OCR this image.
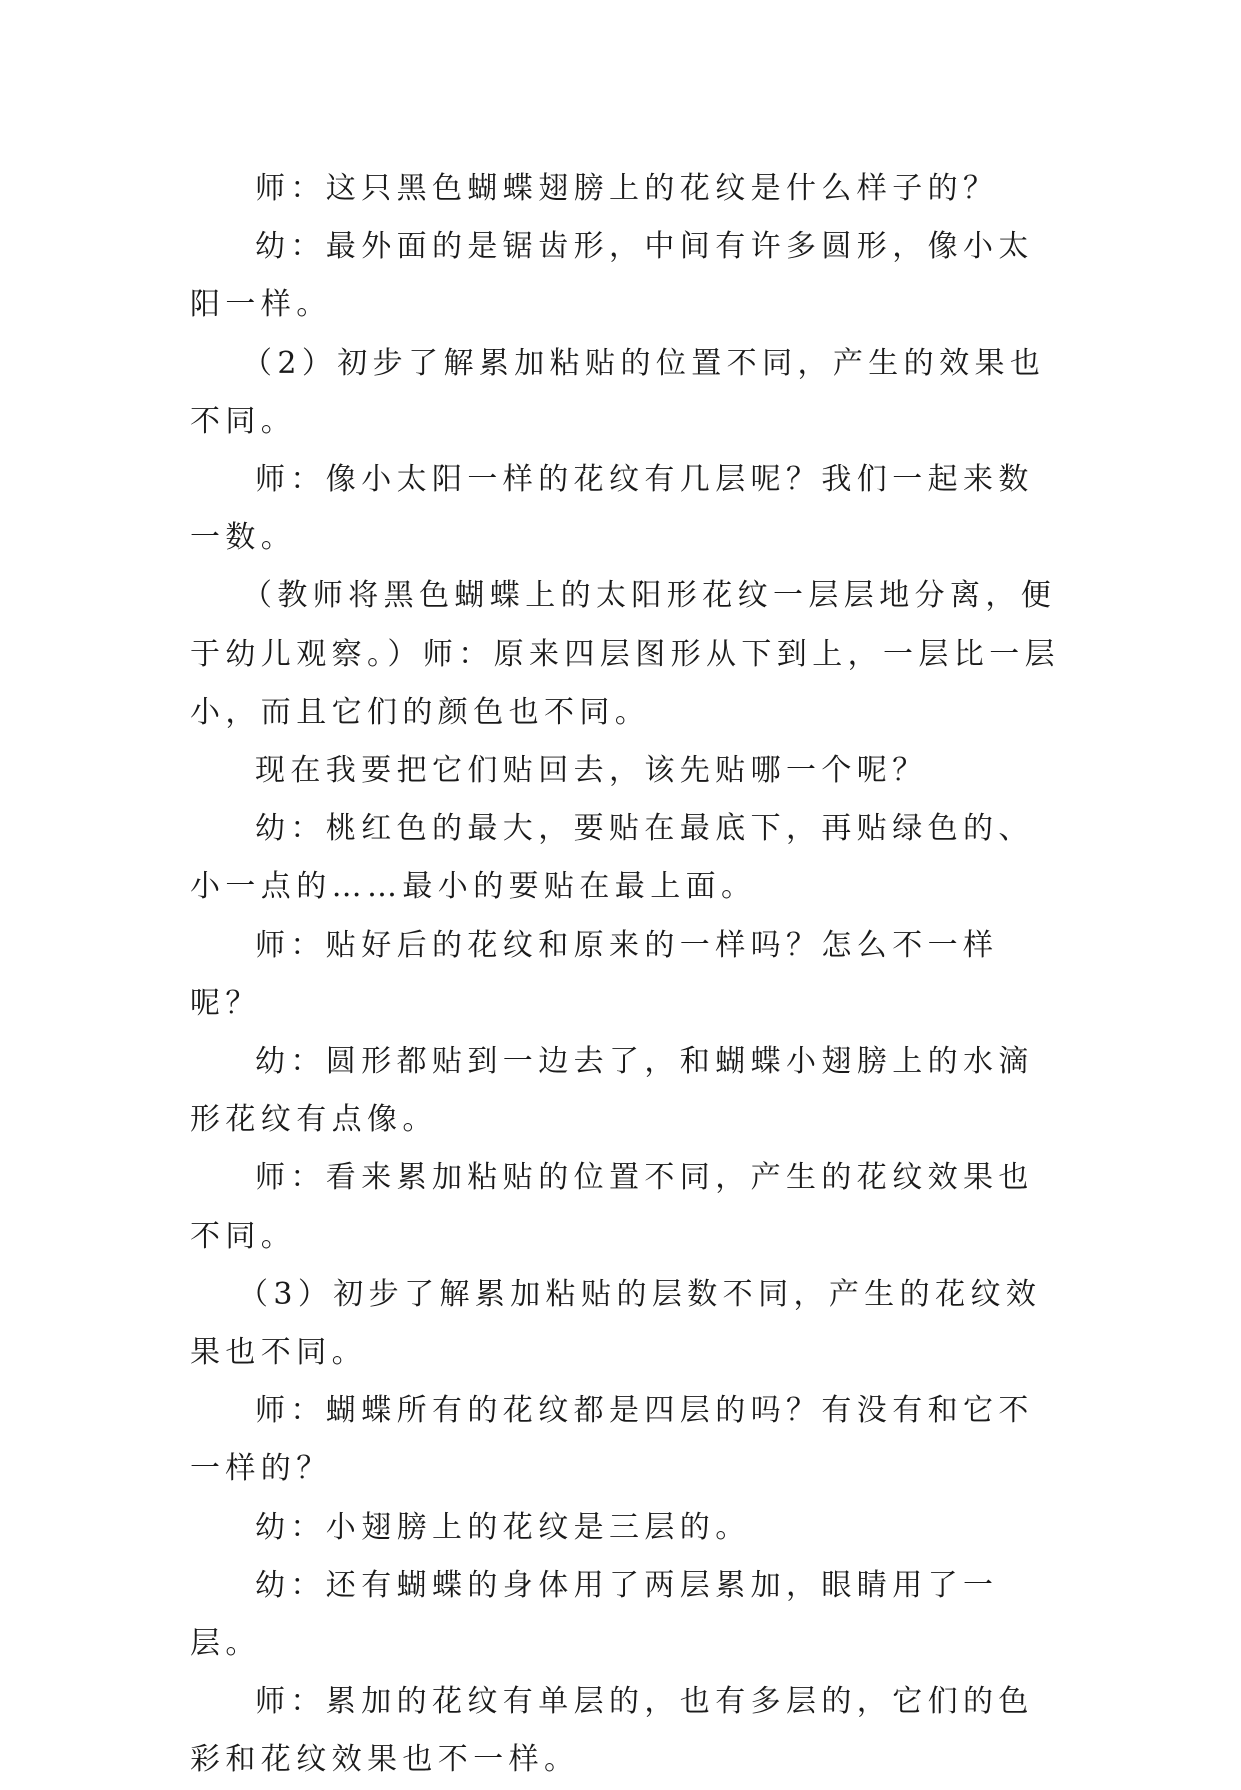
师：这只黑色蝴蝶翅膀上的花纹是什么样子的？

幼：最外面的是锯齿形，中间有许多圆形，像小太阳一样。

（2）初步了解累加粘贴的位置不同，产生的效果也不同。

师：像小太阳一样的花纹有几层呢？我们一起来数一数。

（教师将黑色蝴蝶上的太阳形花纹一层层地分离，便于幼儿观察。）师：原来四层图形从下到上，一层比一层小，而且它们的颜色也不同。

现在我要把它们贴回去，该先贴哪一个呢？

幼：桃红色的最大，要贴在最底下，再贴绿色的、小一点的……最小的要贴在最上面。

师：贴好后的花纹和原来的一样吗？怎么不一样呢？

幼：圆形都贴到一边去了，和蝴蝶小翅膀上的水滴形花纹有点像。

师：看来累加粘贴的位置不同，产生的花纹效果也不同。

（3）初步了解累加粘贴的层数不同，产生的花纹效果也不同。

师：蝴蝶所有的花纹都是四层的吗？有没有和它不一样的？

幼：小翅膀上的花纹是三层的。

幼：还有蝴蝶的身体用了两层累加，眼睛用了一层。

师：累加的花纹有单层的，也有多层的，它们的色彩和花纹效果也不一样。
